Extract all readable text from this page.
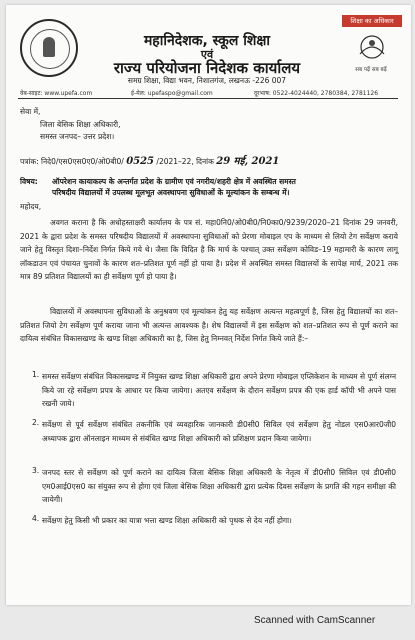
महानिदेशक, स्कूल शिक्षा
एवं
राज्य परियोजना निदेशक कार्यालय
समग्र शिक्षा, विद्या भवन, निशातगंज, लखनऊ -226 007
शिक्षा का अधिकार
सब पढ़ें सब बढ़ें
वेब-साइट: www.upefa.com	ई-मेल: upefaspo@gmail.com	दूरभाष: 0522-4024440, 2780384, 2781126
सेवा में,
जिला बेसिक शिक्षा अधिकारी,
समस्त जनपद– उत्तर प्रदेश।
पत्रांक: निदे0/एस0एस0ए0/ओ0बी0/ 0525 /2021–22, दिनांक 29 मई, 2021
विषय: ऑपरेशन कायाकल्प के अन्तर्गत प्रदेश के ग्रामीण एवं नगरीय/शहरी क्षेत्र में अवस्थित समस्त
परिषदीय विद्यालयों में उपलब्ध मूलभूत अवस्थापना सुविधाओं के मूल्यांकन के सम्बन्ध में।
महोदय,
अवगत कराना है कि अधोहस्ताक्षरी कार्यालय के पत्र सं. महा0नि0/ओ0बी0/नि0का0/9239/2020–21 दिनांक 29 जनवरी, 2021 के द्वारा प्रदेश के समस्त परिषदीय विद्यालयों में अवस्थापना सुविधाओं को प्रेरणा मोबाइल एप के माध्यम से लियो टेग सर्वेक्षण कराये जाने हेतु विस्तृत दिशा–निर्देश निर्गत किये गये थे। जैसा कि विदित है कि मार्च के पश्चात् उक्त सर्वेक्षण कोविड–19 महामारी के कारण लागू लॉकडाउन एवं पंचायत चुनावों के कारण शत–प्रतिशत पूर्ण नहीं हो पाया है। प्रदेश में अवस्थित समस्त विद्यालयों के सापेक्ष मार्च, 2021 तक मात्र 89 प्रतिशत विद्यालयों का ही सर्वेक्षण पूर्ण हो पाया है।
विद्यालयों में अवस्थापना सुविधाओं के अनुश्रवण एवं मूल्यांकन हेतु यह सर्वेक्षण अत्यन्त महत्वपूर्ण है, जिस हेतु विद्यालयों का शत–प्रतिशत जियो टेग सर्वेक्षण पूर्ण कराया जाना भी अत्यन्त आवश्यक है। शेष विद्यालयों में इस सर्वेक्षण को शत–प्रतिशत रूप से पूर्ण कराने का दायित्व संबंधित विकासखण्ड के खण्ड शिक्षा अधिकारी का है, जिस हेतु निम्नवत् निर्देश निर्गत किये जाते हैं:–
1. समस्त सर्वेक्षण संबंधित विकासखण्ड में नियुक्त खण्ड शिक्षा अधिकारी द्वारा अपने प्रेरणा मोबाइल एप्लिकेशन के माध्यम से पूर्ण संलग्न किये जा रहे सर्वेक्षण प्रपत्र के आधार पर किया जायेगा। अतएव सर्वेक्षण के दौरान सर्वेक्षण प्रपत्र की एक हार्ड कॉपी भी अपने पास रखनी जाये।
2. सर्वेक्षण से पूर्व सर्वेक्षण संबंधित तकनीकि एवं व्यवहारिक जानकारी डी0सी0 सिविल एवं सर्वेक्षण हेतु नोडल एस0आर0जी0 अध्यापक द्वारा ऑनलाइन माध्यम से संबंधित खण्ड शिक्षा अधिकारी को प्रशिक्षण प्रदान किया जायेगा।
3. जनपद स्तर से सर्वेक्षण को पूर्ण कराने का दायित्व जिला बेसिक शिक्षा अधिकारी के नेतृत्व में डी0सी0 सिविल एवं डी0सी0 एम0आई0एस0 का संयुक्त रूप से होगा एवं जिला बेसिक शिक्षा अधिकारी द्वारा प्रत्येक दिवस सर्वेक्षण के प्रगति की गहन समीक्षा की जायेगी।
4. सर्वेक्षण हेतु किसी भी प्रकार का यात्रा भत्ता खण्ड शिक्षा अधिकारी को पृथक से देय नहीं होगा।
Scanned with CamScanner
